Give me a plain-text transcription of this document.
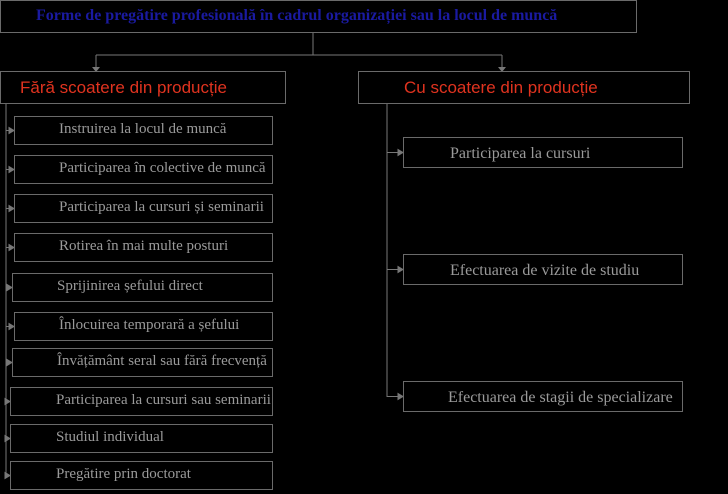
Forme de pregătire profesională în cadrul organizației sau la locul de muncă
Fără scoatere din producție	Cu scoatere din producție
Instruirea la locul de muncă
Participarea în colective de muncă
Participarea la cursuri și seminarii
Rotirea în mai multe posturi
Sprijinirea șefului direct
Înlocuirea temporară a șefului
Învățământ seral sau fără frecvență
Participarea la cursuri sau seminarii
Studiul individual
Pregătire prin doctorat
Participarea la cursuri
Efectuarea de vizite de studiu
Efectuarea de stagii de specializare
